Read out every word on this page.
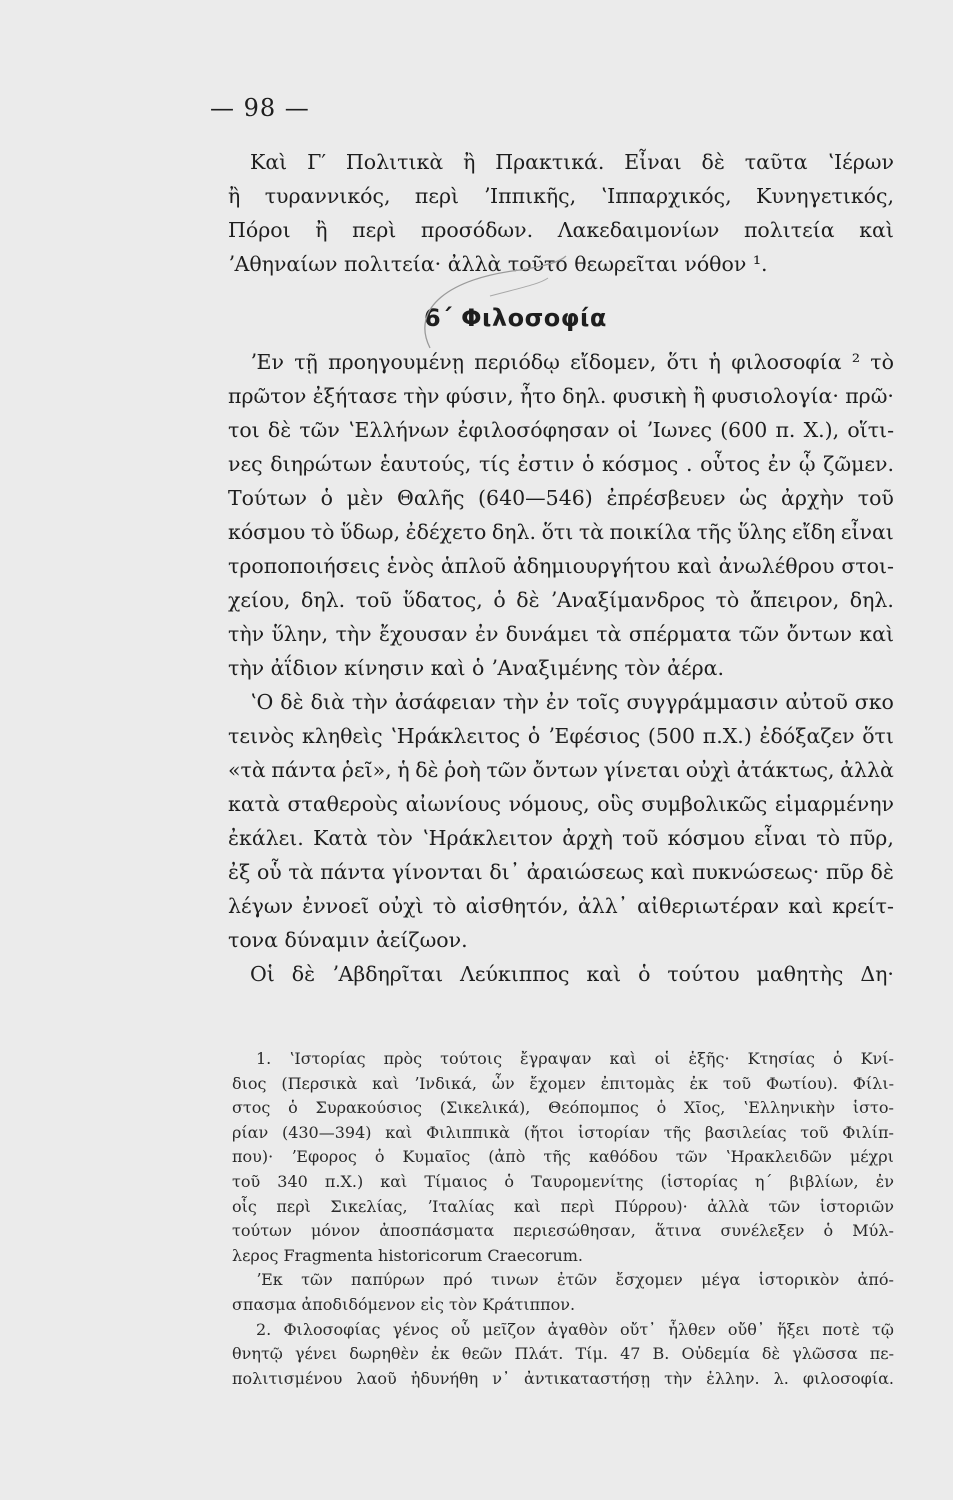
— 98 —
Καὶ Γ′ Πολιτικὰ ἢ Πρακτικά. Εἶναι δὲ ταῦτα ʽΙέρων
ἢ τυραννικός, περὶ ʼΙππικῆς, ʽΙππαρχικός, Κυνηγετικός,
Πόροι ἢ περὶ προσόδων. Λακεδαιμονίων πολιτεία καὶ
ʼΑθηναίων πολιτεία· ἀλλὰ τοῦτο θεωρεῖται νόθον ¹.
6΄ Φιλοσοφία
ʼΕν τῇ προηγουμένῃ περιόδῳ εἴδομεν, ὅτι ἡ φιλοσοφία ² τὸ
πρῶτον ἐξήτασε τὴν φύσιν, ἦτο δηλ. φυσικὴ ἢ φυσιολογία· πρῶ·
τοι δὲ τῶν ʽΕλλήνων ἐφιλοσόφησαν οἱ ʼΙωνες (600 π. Χ.), οἵτι-
νες διηρώτων ἑαυτούς, τίς ἐστιν ὁ κόσμος . οὗτος ἐν ᾧ ζῶμεν.
Τούτων ὁ μὲν Θαλῆς (640—546) ἐπρέσβευεν ὡς ἀρχὴν τοῦ
κόσμου τὸ ὕδωρ, ἐδέχετο δηλ. ὅτι τὰ ποικίλα τῆς ὕλης εἴδη εἶναι
τροποποιήσεις ἑνὸς ἁπλοῦ ἀδημιουργήτου καὶ ἀνωλέθρου στοι-
χείου, δηλ. τοῦ ὕδατος, ὁ δὲ ʼΑναξίμανδρος τὸ ἄπειρον, δηλ.
τὴν ὕλην, τὴν ἔχουσαν ἐν δυνάμει τὰ σπέρματα τῶν ὄντων καὶ
τὴν ἀΐδιον κίνησιν καὶ ὁ ʼΑναξιμένης τὸν ἀέρα.
ʽΟ δὲ διὰ τὴν ἀσάφειαν τὴν ἐν τοῖς συγγράμμασιν αὐτοῦ σκο
τεινὸς κληθεὶς ʽΗράκλειτος ὁ ʼΕφέσιος (500 π.Χ.) ἐδόξαζεν ὅτι
«τὰ πάντα ῥεῖ», ἡ δὲ ῥοὴ τῶν ὄντων γίνεται οὐχὶ ἀτάκτως, ἀλλὰ
κατὰ σταθεροὺς αἰωνίους νόμους, οὓς συμβολικῶς εἱμαρμένην
ἐκάλει. Κατὰ τὸν ʽΗράκλειτον ἀρχὴ τοῦ κόσμου εἶναι τὸ πῦρ,
ἐξ οὗ τὰ πάντα γίνονται δι᾿ ἀραιώσεως καὶ πυκνώσεως· πῦρ δὲ
λέγων ἐννοεῖ οὐχὶ τὸ αἰσθητόν, ἀλλ᾿ αἰθεριωτέραν καὶ κρείτ-
τονα δύναμιν ἀείζωον.
Οἱ δὲ ʼΑβδηρῖται Λεύκιππος καὶ ὁ τούτου μαθητὴς Δη·
1. ʽΙστορίας πρὸς τούτοις ἔγραψαν καὶ οἱ ἑξῆς· Κτησίας ὁ Κνί-
διος (Περσικὰ καὶ ʼΙνδικά, ὧν ἔχομεν ἐπιτομὰς ἐκ τοῦ Φωτίου). Φίλι-
στος ὁ Συρακούσιος (Σικελικά), Θεόπομπος ὁ Χῖος, ʽΕλληνικὴν ἱστο-
ρίαν (430—394) καὶ Φιλιππικὰ (ἤτοι ἱστορίαν τῆς βασιλείας τοῦ Φιλίπ-
που)· ʼΕφορος ὁ Κυμαῖος (ἀπὸ τῆς καθόδου τῶν ʽΗρακλειδῶν μέχρι
τοῦ 340 π.Χ.) καὶ Τίμαιος ὁ Ταυρομενίτης (ἱστορίας η΄ βιβλίων, ἐν
οἷς περὶ Σικελίας, ʼΙταλίας καὶ περὶ Πύρρου)· ἀλλὰ τῶν ἱστοριῶν
τούτων μόνον ἀποσπάσματα περιεσώθησαν, ἅτινα συνέλεξεν ὁ Μύλ-
λερος Fragmenta historicorum Craecorum.
ʼΕκ τῶν παπύρων πρό τινων ἐτῶν ἔσχομεν μέγα ἱστορικὸν ἀπό-
σπασμα ἀποδιδόμενον εἰς τὸν Κράτιππον.
2. Φιλοσοφίας γένος οὗ μεῖζον ἀγαθὸν οὔτ᾿ ἦλθεν οὔθ᾿ ἥξει ποτὲ τῷ
θνητῷ γένει δωρηθὲν ἐκ θεῶν Πλάτ. Τίμ. 47 Β. Οὐδεμία δὲ γλῶσσα πε-
πολιτισμένου λαοῦ ἠδυνήθη ν᾿ ἀντικαταστήσῃ τὴν ἑλλην. λ. φιλοσοφία.
